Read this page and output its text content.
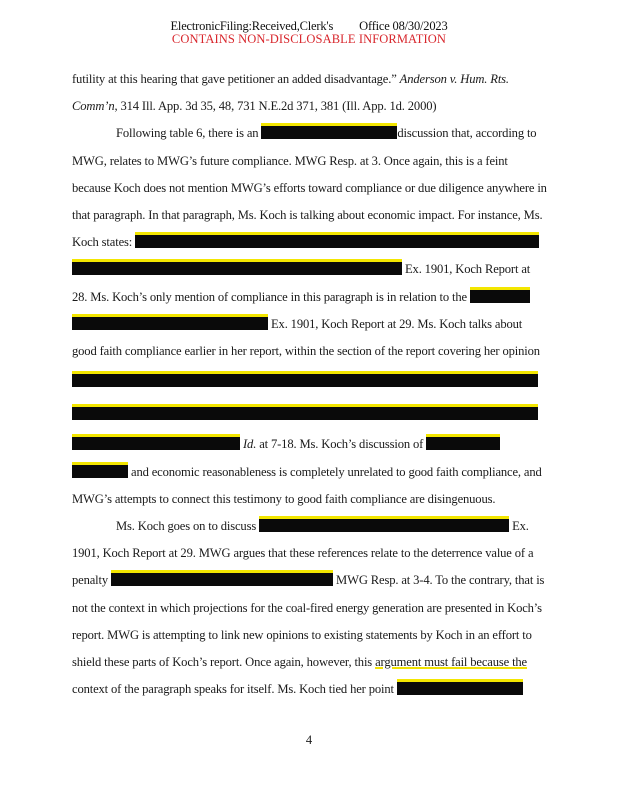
ElectronicFiling:Received,Clerk's Office 08/30/2023
CONTAINS NON-DISCLOSABLE INFORMATION
futility at this hearing that gave petitioner an added disadvantage.” Anderson v. Hum. Rts.
Comm’n, 314 Ill. App. 3d 35, 48, 731 N.E.2d 371, 381 (Ill. App. 1d. 2000)
Following table 6, there is an	discussion that, according to
MWG, relates to MWG’s future compliance. MWG Resp. at 3. Once again, this is a feint
because Koch does not mention MWG’s efforts toward compliance or due diligence anywhere in
that paragraph. In that paragraph, Ms. Koch is talking about economic impact. For instance, Ms.
Koch states:
Ex. 1901, Koch Report at
28. Ms. Koch’s only mention of compliance in this paragraph is in relation to the
Ex. 1901, Koch Report at 29. Ms. Koch talks about
good faith compliance earlier in her report, within the section of the report covering her opinion
Id. at 7-18. Ms. Koch’s discussion of
and economic reasonableness is completely unrelated to good faith compliance, and
MWG’s attempts to connect this testimony to good faith compliance are disingenuous.
Ms. Koch goes on to discuss	Ex.
1901, Koch Report at 29. MWG argues that these references relate to the deterrence value of a
penalty	MWG Resp. at 3-4. To the contrary, that is
not the context in which projections for the coal-fired energy generation are presented in Koch’s
report. MWG is attempting to link new opinions to existing statements by Koch in an effort to
shield these parts of Koch’s report. Once again, however, this argument must fail because the
context of the paragraph speaks for itself. Ms. Koch tied her point
4
